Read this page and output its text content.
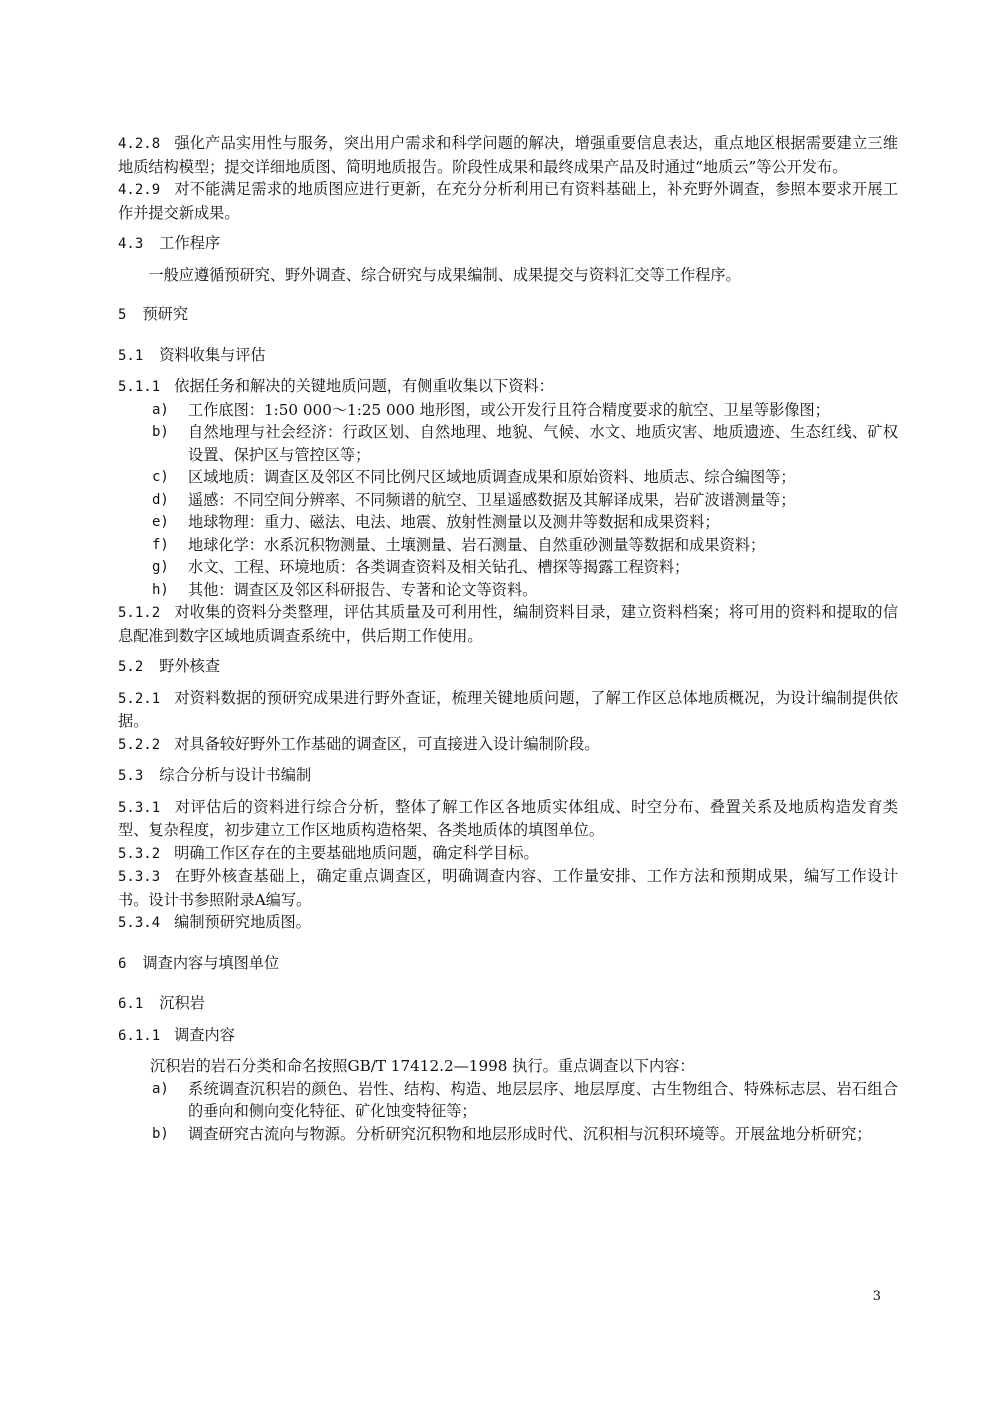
4.2.8 强化产品实用性与服务，突出用户需求和科学问题的解决，增强重要信息表达，重点地区根据需要建立三维地质结构模型；提交详细地质图、简明地质报告。阶段性成果和最终成果产品及时通过“地质云”等公开发布。

4.2.9 对不能满足需求的地质图应进行更新，在充分分析利用已有资料基础上，补充野外调查，参照本要求开展工作并提交新成果。

4.3 工作程序

一般应遵循预研究、野外调查、综合研究与成果编制、成果提交与资料汇交等工作程序。

5 预研究

5.1 资料收集与评估

5.1.1 依据任务和解决的关键地质问题，有侧重收集以下资料：

a) 工作底图：1:50 000～1:25 000 地形图，或公开发行且符合精度要求的航空、卫星等影像图；

b) 自然地理与社会经济：行政区划、自然地理、地貌、气候、水文、地质灾害、地质遗迹、生态红线、矿权设置、保护区与管控区等；

c) 区域地质：调查区及邻区不同比例尺区域地质调查成果和原始资料、地质志、综合编图等；

d) 遥感：不同空间分辨率、不同频谱的航空、卫星遥感数据及其解译成果，岩矿波谱测量等；

e) 地球物理：重力、磁法、电法、地震、放射性测量以及测井等数据和成果资料；

f) 地球化学：水系沉积物测量、土壤测量、岩石测量、自然重砂测量等数据和成果资料；

g) 水文、工程、环境地质：各类调查资料及相关钻孔、槽探等揭露工程资料；

h) 其他：调查区及邻区科研报告、专著和论文等资料。

5.1.2 对收集的资料分类整理，评估其质量及可利用性，编制资料目录，建立资料档案；将可用的资料和提取的信息配准到数字区域地质调查系统中，供后期工作使用。

5.2 野外核查

5.2.1 对资料数据的预研究成果进行野外查证，梳理关键地质问题，了解工作区总体地质概况，为设计编制提供依据。

5.2.2 对具备较好野外工作基础的调查区，可直接进入设计编制阶段。

5.3 综合分析与设计书编制

5.3.1 对评估后的资料进行综合分析，整体了解工作区各地质实体组成、时空分布、叠置关系及地质构造发育类型、复杂程度，初步建立工作区地质构造格架、各类地质体的填图单位。

5.3.2 明确工作区存在的主要基础地质问题，确定科学目标。

5.3.3 在野外核查基础上，确定重点调查区，明确调查内容、工作量安排、工作方法和预期成果，编写工作设计书。设计书参照附录A编写。

5.3.4 编制预研究地质图。

6 调查内容与填图单位

6.1 沉积岩

6.1.1 调查内容

沉积岩的岩石分类和命名按照GB/T 17412.2—1998 执行。重点调查以下内容：

a) 系统调查沉积岩的颜色、岩性、结构、构造、地层层序、地层厚度、古生物组合、特殊标志层、岩石组合的垂向和侧向变化特征、矿化蚀变特征等；

b) 调查研究古流向与物源。分析研究沉积物和地层形成时代、沉积相与沉积环境等。开展盆地分析研究；

3
